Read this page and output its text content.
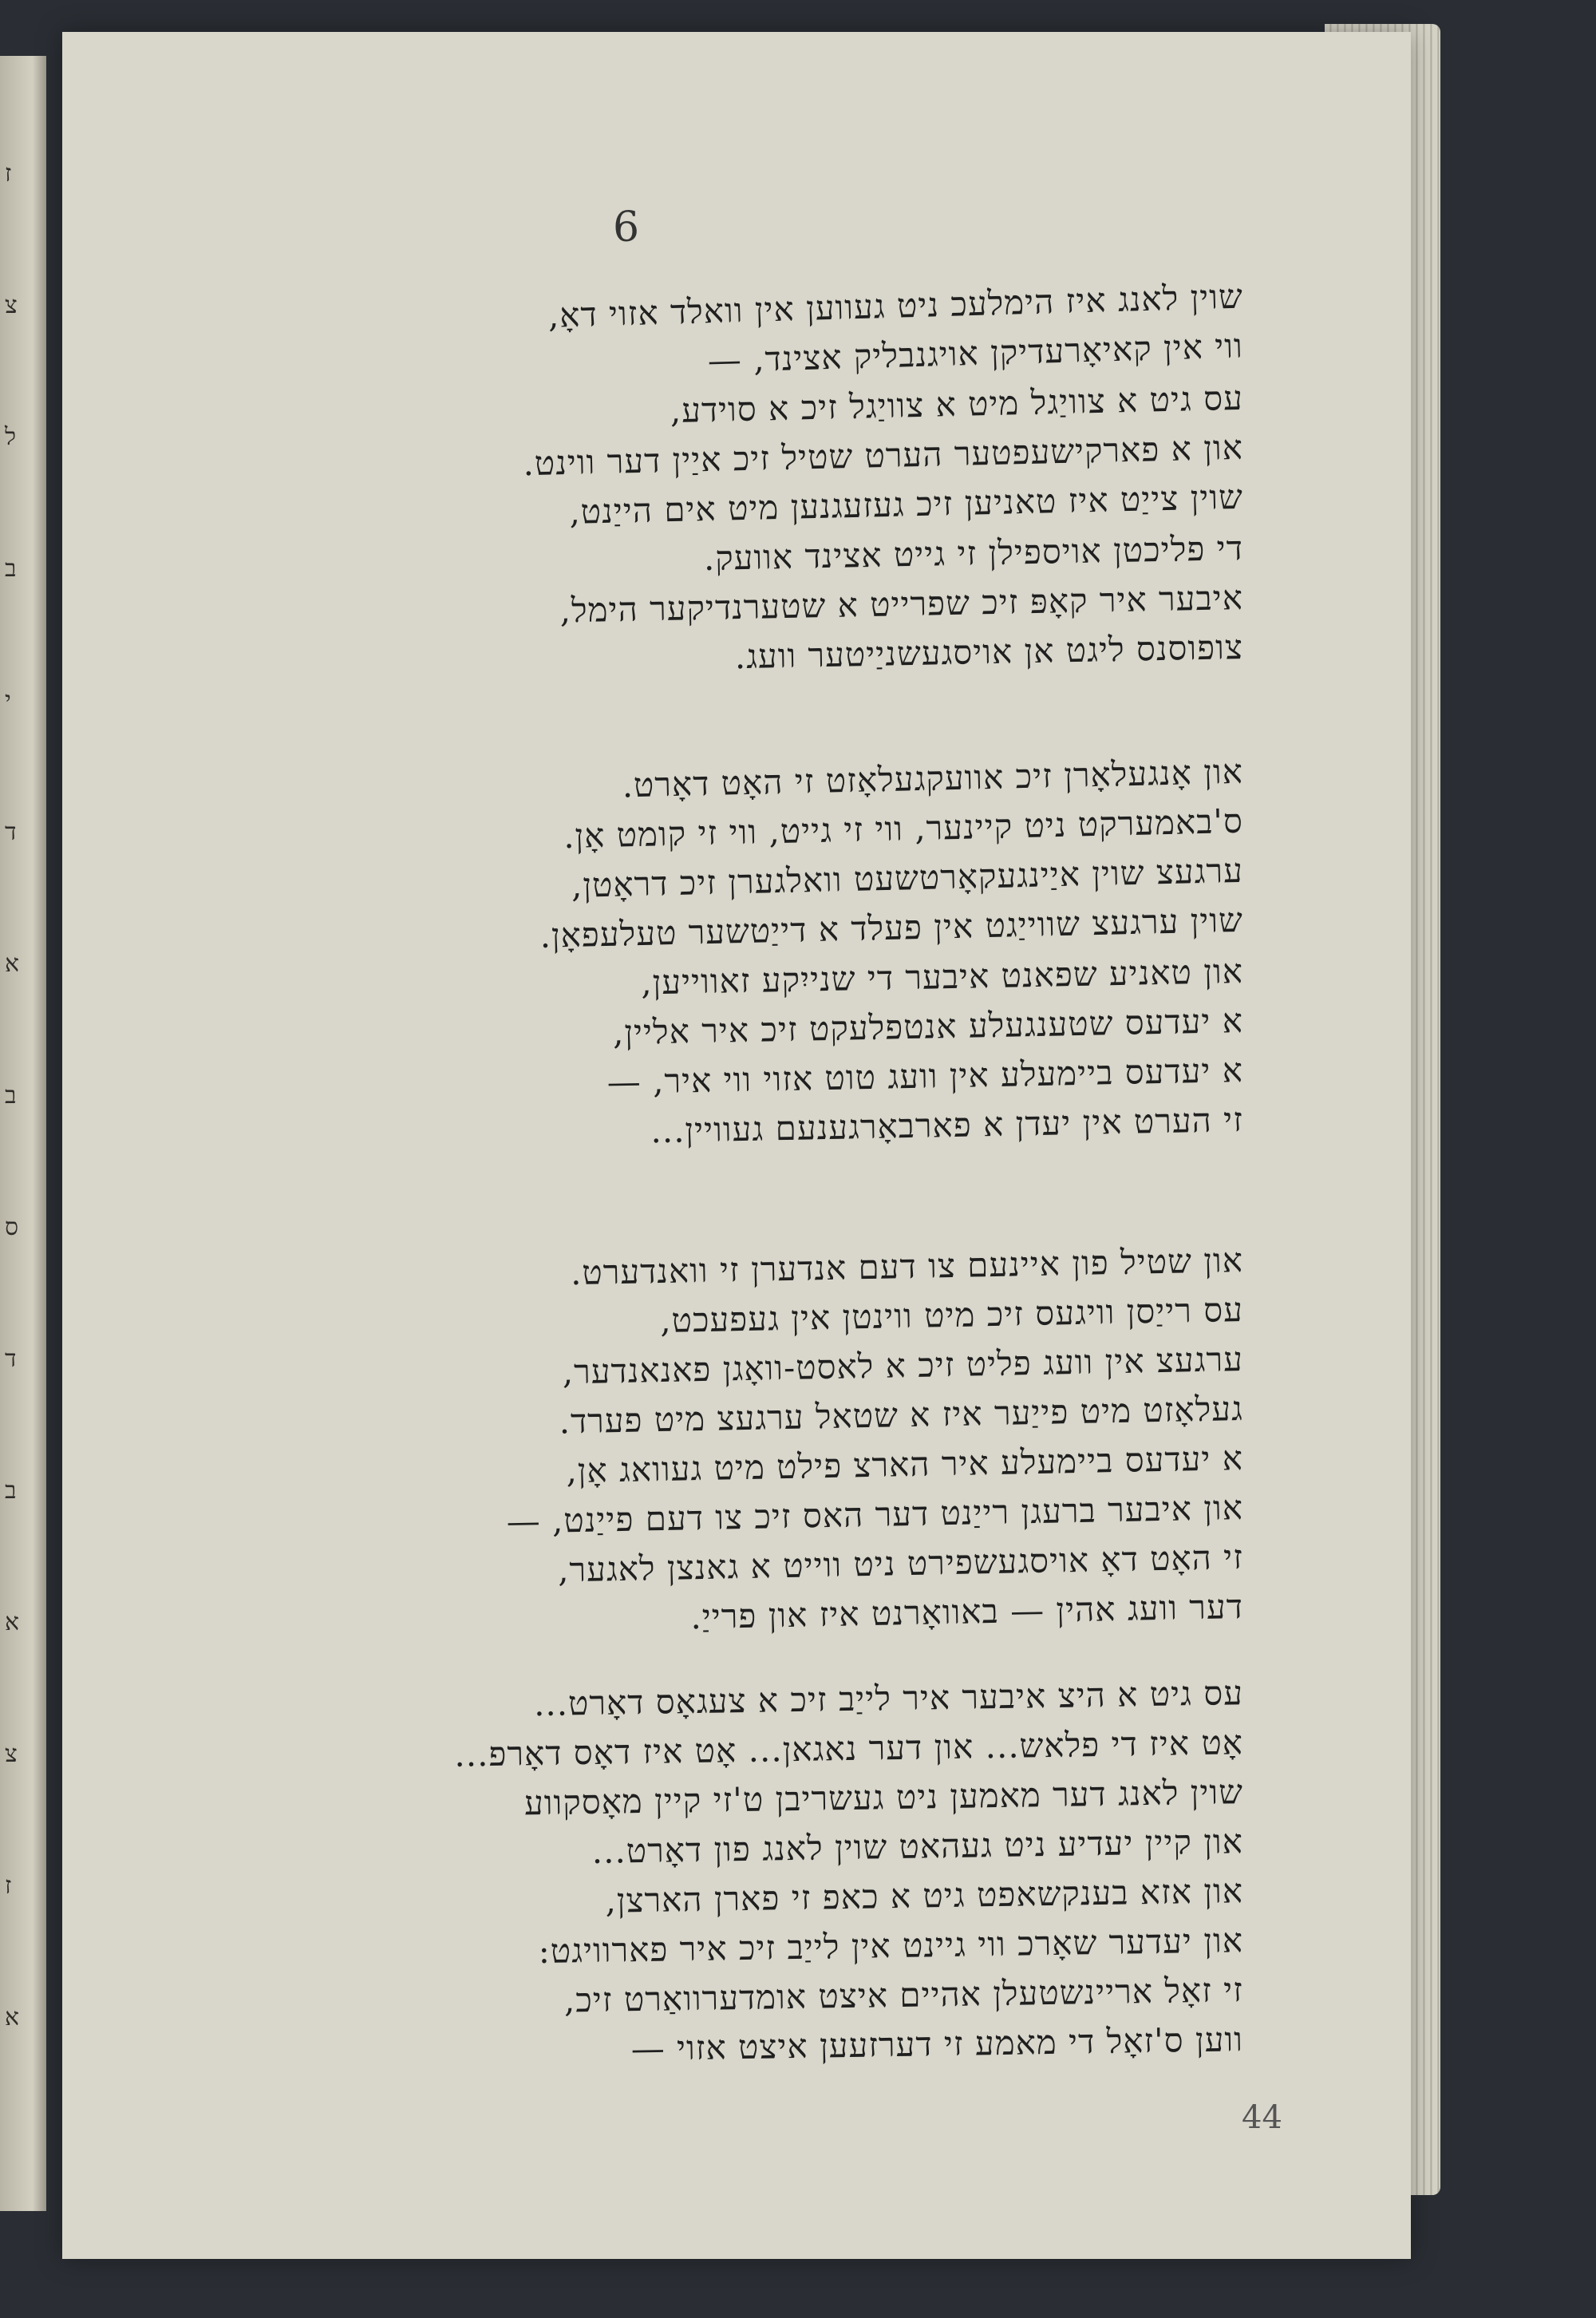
ז
צ
ל
ב
י
ד
א
ב
ס
ד
ב
א
צ
ז
א
6
שוין לאנג איז הימלעכ ניט געווען אין וואלד אזוי דאָ,
ווי אין קאיאָרעדיקן אויגנבליק אצינד, —
עס גיט א צוויַגל מיט א צוויַגל זיכ א סוידע,
און א פארקישעפטער הערט שטיל זיכ איַין דער ווינט.
שוין צייַט איז טאניען זיכ געזעגנען מיט אים הייַנט,
די פליכטן אויספילן זי גייט אצינד אוועק.
איבער איר קאָפּ זיכ שפרייט א שטערנדיקער הימל,
צופוסנס ליגט אן אויסגעשניַיטער וועג.
און אָנגעלאָרן זיכ אוועקגעלאָזט זי האָט דאָרט.
ס'באמערקט ניט קיינער, ווי זי גייט, ווי זי קומט אָן.
ערגעצ שוין איַינגעקאָרטשעט וואלגערן זיכ דראָטן,
שוין ערגעצ שווייַגט אין פעלד א דייַטשער טעלעפאָן.
און טאניע שפאנט איבער די שנייִקע זאווייען,
א יעדעס שטענגעלע אנטפלעקט זיכ איר אליין,
א יעדעס ביימעלע אין וועג טוט אזוי ווי איר, —
זי הערט אין יעדן א פארבאָרגענעם געוויין...
און שטיל פון איינעם צו דעם אנדערן זי וואנדערט.
עס רייַסן וויגעס זיכ מיט ווינטן אין געפעכט,
ערגעצ אין וועג פליט זיכ א לאסט-וואָגן פאנאנדער,
געלאָזט מיט פייַער איז א שטאל ערגעצ מיט פערד.
א יעדעס ביימעלע איר הארצ פילט מיט געוואג אָן,
און איבער ברעגן רייַנט דער האס זיכ צו דעם פייַנט, —
זי האָט דאָ אויסגעשפירט ניט ווייט א גאנצן לאגער,
דער וועג אהין — באוואָרנט איז און פרייַ.
עס גיט א היצ איבער איר לייַב זיכ א צעגאָס דאָרט...
אָט איז די פלאש... און דער נאגאן... אָט איז דאָס דאָרפ...
שוין לאנג דער מאמען ניט געשריבן ט'זי קיין מאָסקווע
און קיין יעדיע ניט געהאט שוין לאנג פון דאָרט...
און אזא בענקשאפט גיט א כאפ זי פארן הארצן,
און יעדער שאָרכ ווי גיינט אין לייַב זיכ איר פארוויגט:
זי זאָל אריינשטעלן אהיים איצט אומדערוואַרט זיכ,
ווען ס'זאָל די מאמע זי דערזעען איצט אזוי —
44
